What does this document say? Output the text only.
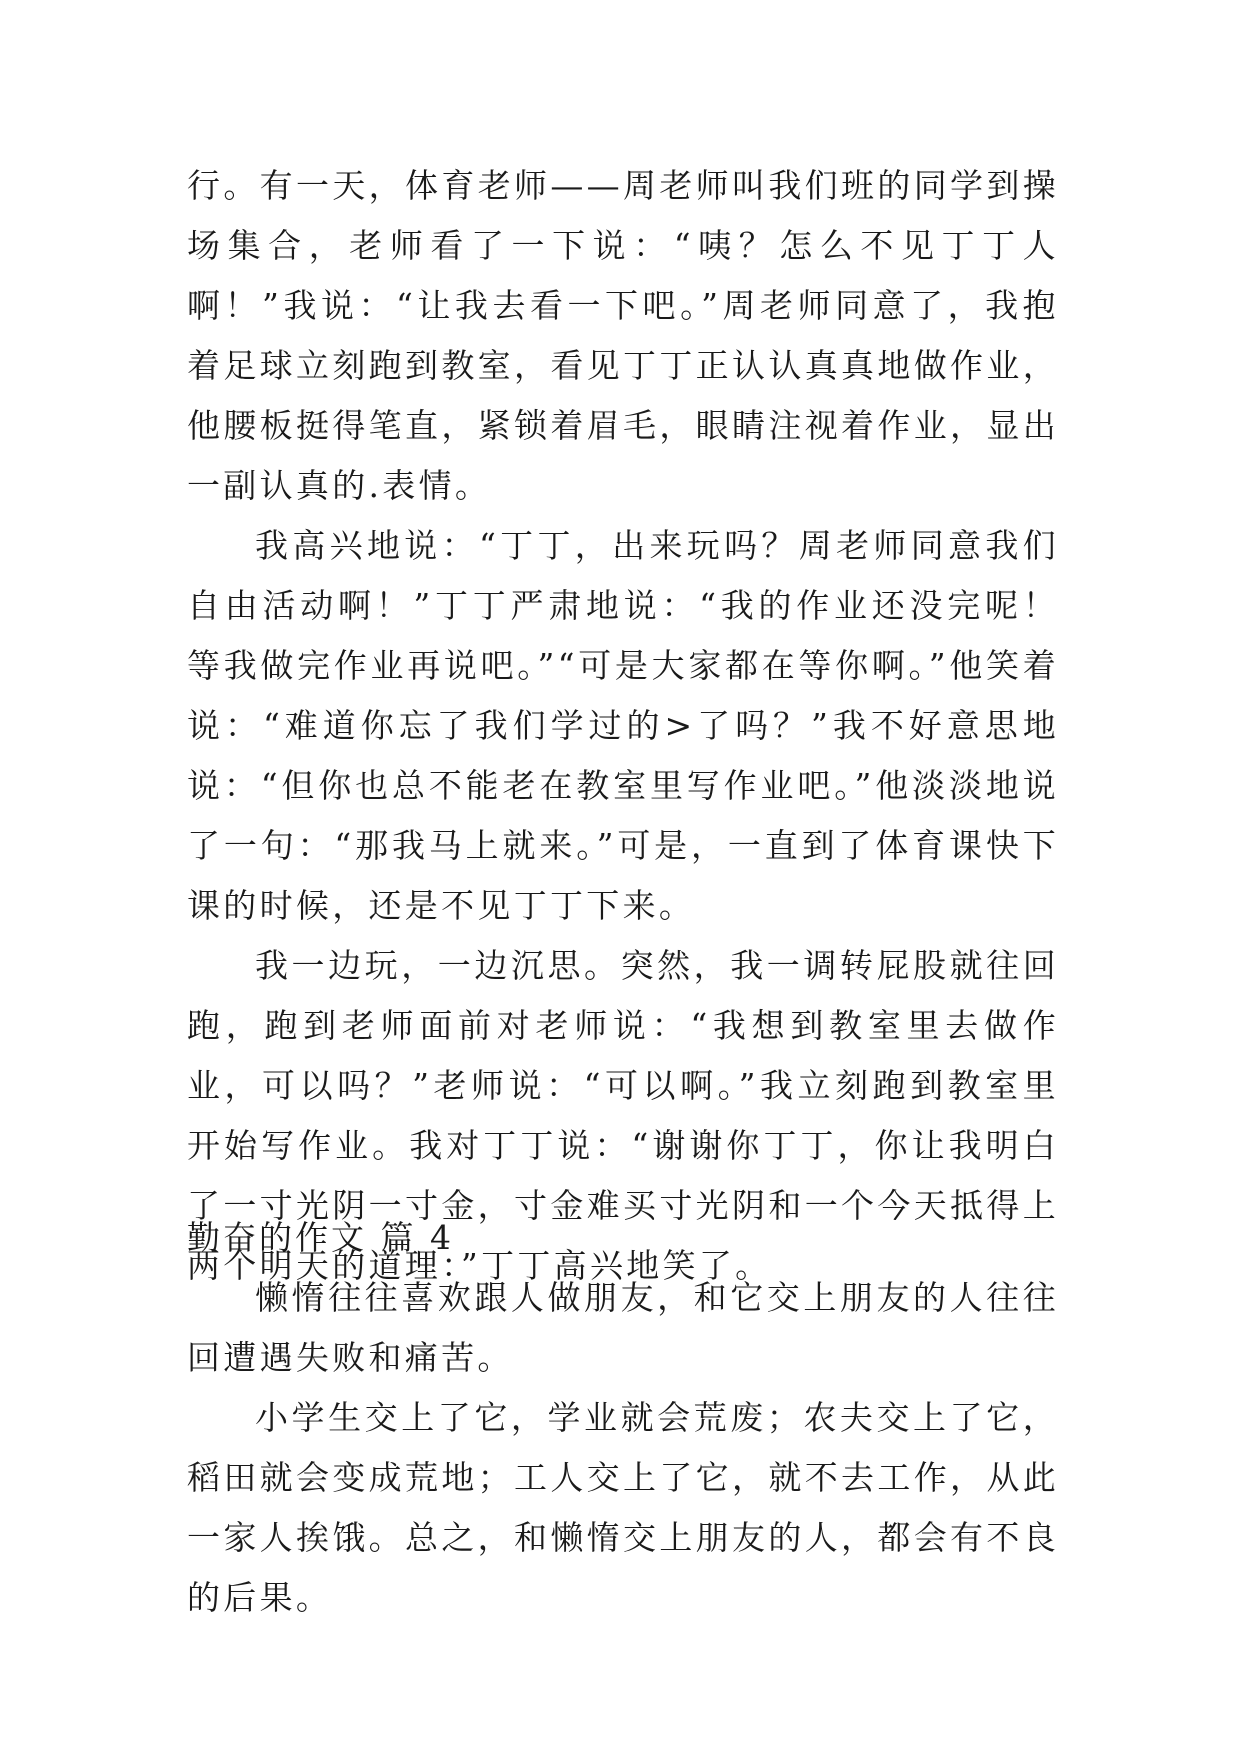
行。有一天，体育老师——周老师叫我们班的同学到操场集合，老师看了一下说：“咦？怎么不见丁丁人啊！”我说：“让我去看一下吧。”周老师同意了，我抱着足球立刻跑到教室，看见丁丁正认认真真地做作业，他腰板挺得笔直，紧锁着眉毛，眼睛注视着作业，显出一副认真的.表情。

我高兴地说：“丁丁，出来玩吗？周老师同意我们自由活动啊！”丁丁严肃地说：“我的作业还没完呢！等我做完作业再说吧。”“可是大家都在等你啊。”他笑着说：“难道你忘了我们学过的>了吗？”我不好意思地说：“但你也总不能老在教室里写作业吧。”他淡淡地说了一句：“那我马上就来。”可是，一直到了体育课快下课的时候，还是不见丁丁下来。

我一边玩，一边沉思。突然，我一调转屁股就往回跑，跑到老师面前对老师说：“我想到教室里去做作业，可以吗？”老师说：“可以啊。”我立刻跑到教室里开始写作业。我对丁丁说：“谢谢你丁丁，你让我明白了一寸光阴一寸金，寸金难买寸光阴和一个今天抵得上两个明天的道理：”丁丁高兴地笑了。

勤奋的作文 篇 4

懒惰往往喜欢跟人做朋友，和它交上朋友的人往往回遭遇失败和痛苦。

小学生交上了它，学业就会荒废；农夫交上了它，稻田就会变成荒地；工人交上了它，就不去工作，从此一家人挨饿。总之，和懒惰交上朋友的人，都会有不良的后果。
